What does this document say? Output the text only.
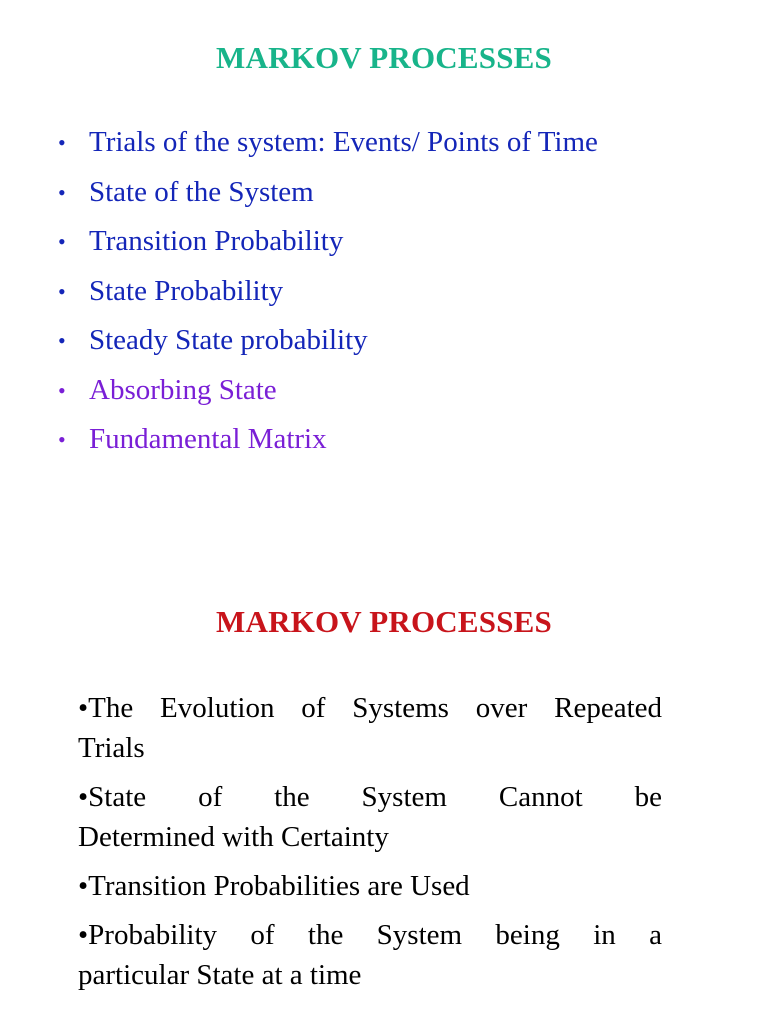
MARKOV PROCESSES
• Trials of the system: Events/ Points of Time
• State of the System
• Transition Probability
• State Probability
• Steady State probability
• Absorbing State
• Fundamental Matrix
MARKOV PROCESSES

•The Evolution of Systems over Repeated
Trials

•State of the System Cannot be
Determined with Certainty

•Transition Probabilities are Used

•Probability of the System being in a
particular State at a time
